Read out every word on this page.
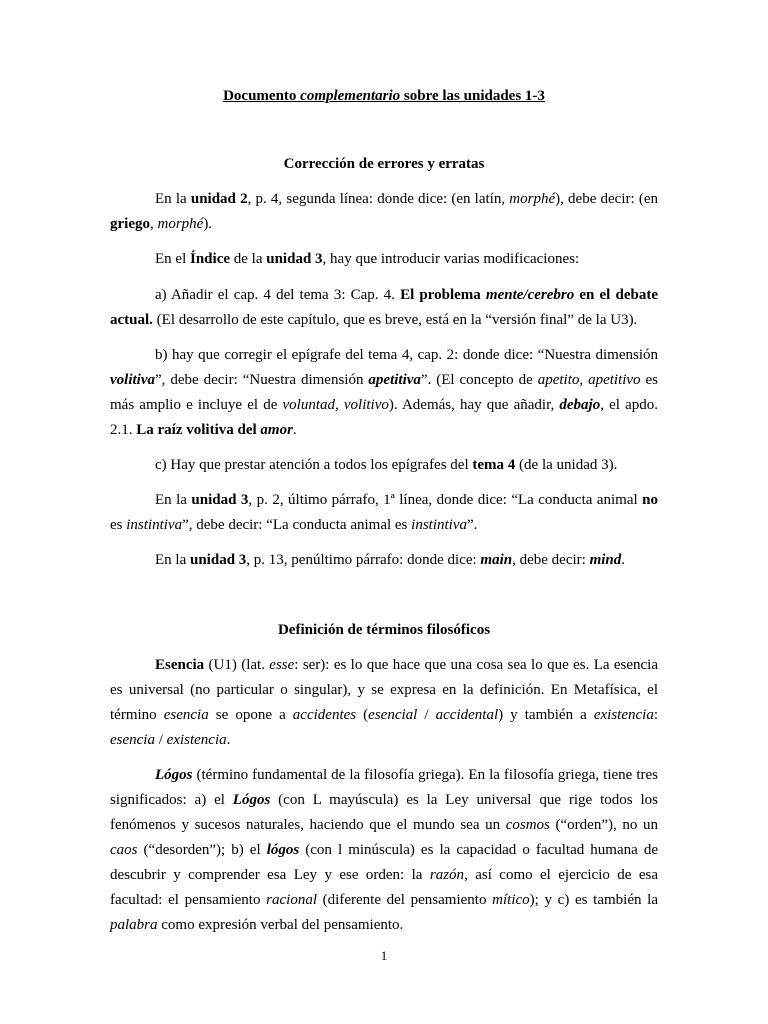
Documento complementario sobre las unidades 1-3
Corrección de errores y erratas

En la unidad 2, p. 4, segunda línea: donde dice: (en latín, morphé), debe decir: (en griego, morphé).

En el Índice de la unidad 3, hay que introducir varias modificaciones:

a) Añadir el cap. 4 del tema 3: Cap. 4. El problema mente/cerebro en el debate actual. (El desarrollo de este capítulo, que es breve, está en la “versión final” de la U3).

b) hay que corregir el epígrafe del tema 4, cap. 2: donde dice: “Nuestra dimensión volitiva”, debe decir: “Nuestra dimensión apetitiva”. (El concepto de apetito, apetitivo es más amplio e incluye el de voluntad, volitivo). Además, hay que añadir, debajo, el apdo. 2.1. La raíz volitiva del amor.

c) Hay que prestar atención a todos los epígrafes del tema 4 (de la unidad 3).

En la unidad 3, p. 2, último párrafo, 1ª línea, donde dice: “La conducta animal no es instintiva”, debe decir: “La conducta animal es instintiva”.

En la unidad 3, p. 13, penúltimo párrafo: donde dice: main, debe decir: mind.

Definición de términos filosóficos

Esencia (U1) (lat. esse: ser): es lo que hace que una cosa sea lo que es. La esencia es universal (no particular o singular), y se expresa en la definición. En Metafísica, el término esencia se opone a accidentes (esencial / accidental) y también a existencia: esencia / existencia.

Lógos (término fundamental de la filosofía griega). En la filosofía griega, tiene tres significados: a) el Lógos (con L mayúscula) es la Ley universal que rige todos los fenómenos y sucesos naturales, haciendo que el mundo sea un cosmos (“orden”), no un caos (“desorden”); b) el lógos (con l minúscula) es la capacidad o facultad humana de descubrir y comprender esa Ley y ese orden: la razón, así como el ejercicio de esa facultad: el pensamiento racional (diferente del pensamiento mítico); y c) es también la palabra como expresión verbal del pensamiento.

1
